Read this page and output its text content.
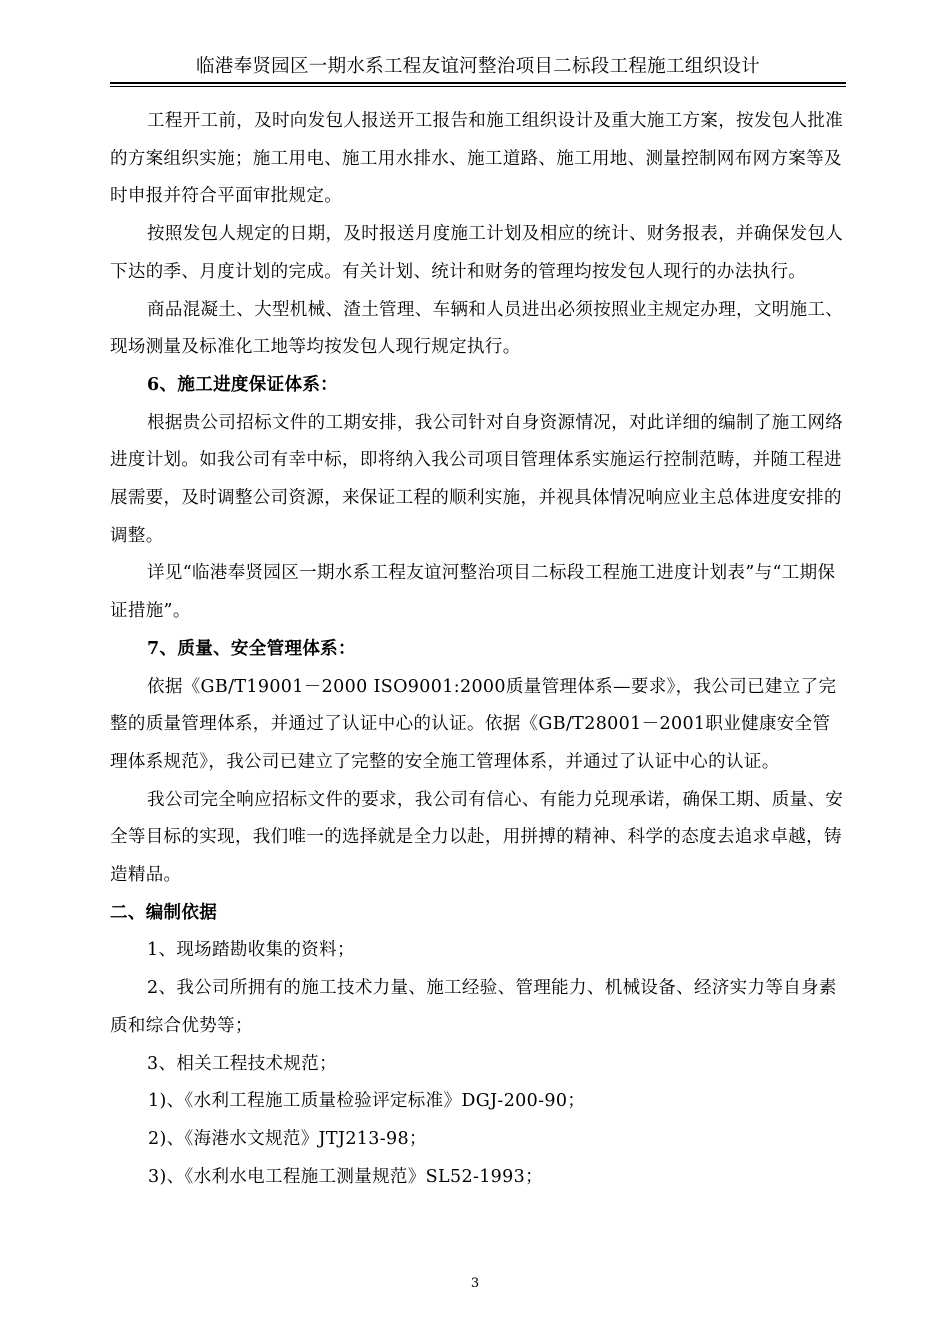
临港奉贤园区一期水系工程友谊河整治项目二标段工程施工组织设计

工程开工前，及时向发包人报送开工报告和施工组织设计及重大施工方案，按发包人批准的方案组织实施；施工用电、施工用水排水、施工道路、施工用地、测量控制网布网方案等及时申报并符合平面审批规定。

按照发包人规定的日期，及时报送月度施工计划及相应的统计、财务报表，并确保发包人下达的季、月度计划的完成。有关计划、统计和财务的管理均按发包人现行的办法执行。

商品混凝土、大型机械、渣土管理、车辆和人员进出必须按照业主规定办理，文明施工、现场测量及标准化工地等均按发包人现行规定执行。

6、施工进度保证体系：

根据贵公司招标文件的工期安排，我公司针对自身资源情况，对此详细的编制了施工网络进度计划。如我公司有幸中标，即将纳入我公司项目管理体系实施运行控制范畴，并随工程进展需要，及时调整公司资源，来保证工程的顺利实施，并视具体情况响应业主总体进度安排的调整。

详见“临港奉贤园区一期水系工程友谊河整治项目二标段工程施工进度计划表”与“工期保证措施”。

7、质量、安全管理体系：

依据《GB/T19001－2000 ISO9001:2000质量管理体系—要求》，我公司已建立了完整的质量管理体系，并通过了认证中心的认证。依据《GB/T28001－2001职业健康安全管理体系规范》，我公司已建立了完整的安全施工管理体系，并通过了认证中心的认证。

我公司完全响应招标文件的要求，我公司有信心、有能力兑现承诺，确保工期、质量、安全等目标的实现，我们唯一的选择就是全力以赴，用拼搏的精神、科学的态度去追求卓越，铸造精品。

二、编制依据

1、现场踏勘收集的资料；

2、我公司所拥有的施工技术力量、施工经验、管理能力、机械设备、经济实力等自身素质和综合优势等；

3、相关工程技术规范；

1)、《水利工程施工质量检验评定标准》DGJ-200-90；

2)、《海港水文规范》JTJ213-98；

3)、《水利水电工程施工测量规范》SL52-1993；

3
